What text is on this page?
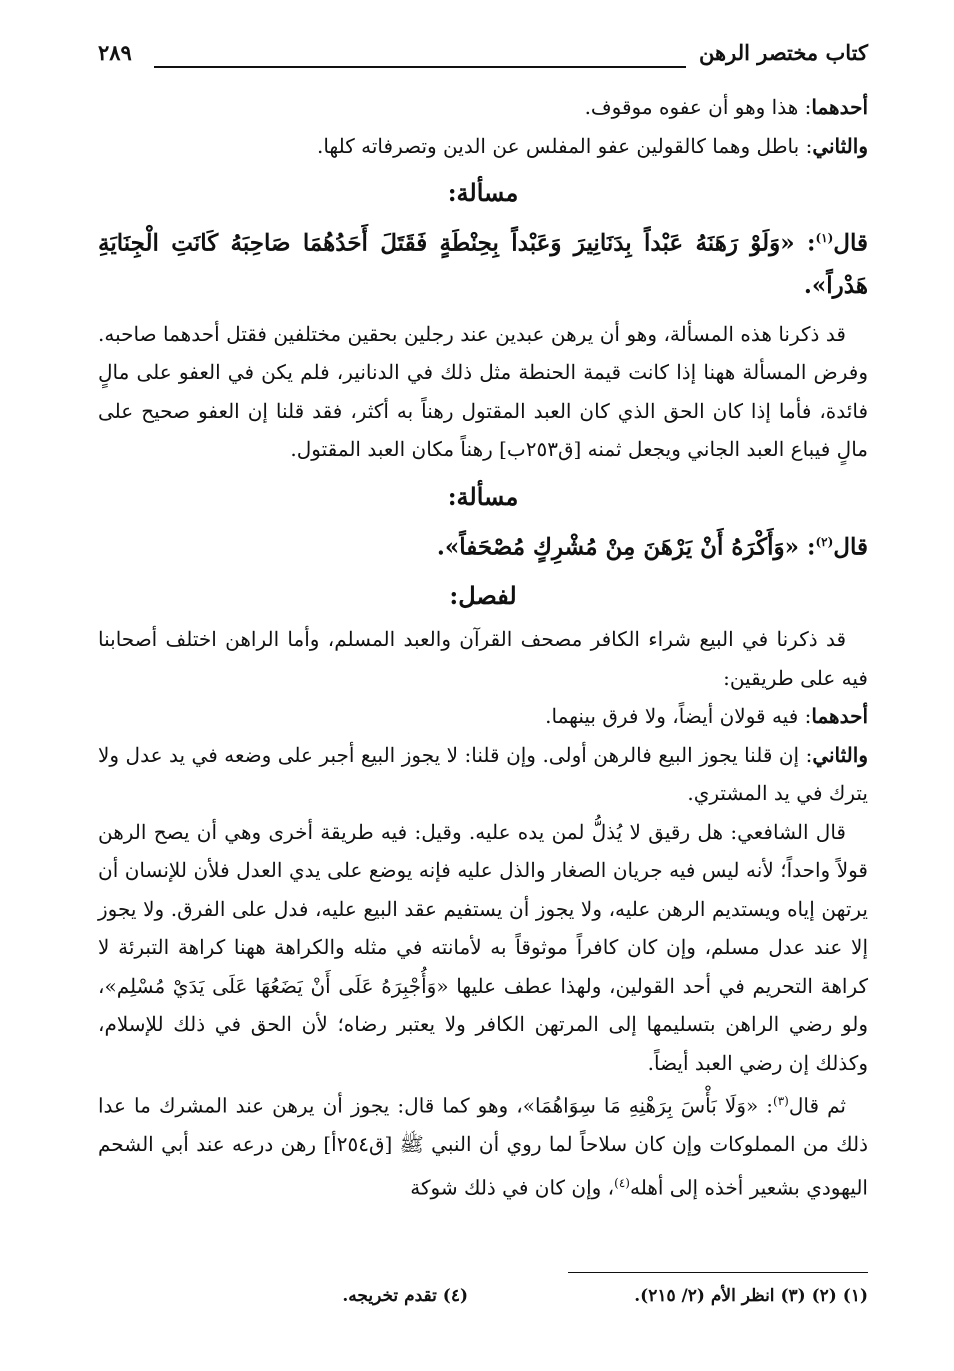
كتاب مختصر الرهن
٢٨٩

أحدهما: هذا وهو أن عفوه موقوف.

والثاني: باطل وهما كالقولين عفو المفلس عن الدين وتصرفاته كلها.

مسألة:

قال$^{(١)}$: «وَلَوْ رَهَنَهُ عَبْداً بِدَنَانِيرَ وَعَبْداً بِحِنْطَةٍ فَقَتَلَ أَحَدُهُمَا صَاحِبَهُ كَانَتِ الْجِنَايَةِ هَدْراً».

قد ذكرنا هذه المسألة، وهو أن يرهن عبدين عند رجلين بحقين مختلفين فقتل أحدهما صاحبه. وفرض المسألة ههنا إذا كانت قيمة الحنطة مثل ذلك في الدنانير، فلم يكن في العفو على مالٍ فائدة، فأما إذا كان الحق الذي كان العبد المقتول رهناً به أكثر، فقد قلنا إن العفو صحيح على مالٍ فيباع العبد الجاني ويجعل ثمنه [ق٢٥٣ب] رهناً مكان العبد المقتول.

مسألة:

قال$^{(٢)}$: «وَأَكْرَهُ أَنْ يَرْهَنَ مِنْ مُشْرِكٍ مُصْحَفاً».

لفصل:

قد ذكرنا في البيع شراء الكافر مصحف القرآن والعبد المسلم، وأما الراهن اختلف أصحابنا فيه على طريقين:

أحدهما: فيه قولان أيضاً، ولا فرق بينهما.

والثاني: إن قلنا يجوز البيع فالرهن أولى. وإن قلنا: لا يجوز البيع أجبر على وضعه في يد عدل ولا يترك في يد المشتري.

قال الشافعي: هل رقيق لا يُذلُّ لمن يده عليه. وقيل: فيه طريقة أخرى وهي أن يصح الرهن قولاً واحداً؛ لأنه ليس فيه جريان الصغار والذل عليه فإنه يوضع على يدي العدل فلأن للإنسان أن يرتهن إياه ويستديم الرهن عليه، ولا يجوز أن يستفيم عقد البيع عليه، فدل على الفرق. ولا يجوز إلا عند عدل مسلم، وإن كان كافراً موثوقاً به لأمانته في مثله والكراهة ههنا كراهة التبرئة لا كراهة التحريم في أحد القولين، ولهذا عطف عليها «وَأُجْبِرَهُ عَلَى أَنْ يَضَعُهَا عَلَى يَدَيْ مُسْلِم»، ولو رضي الراهن بتسليمها إلى المرتهن الكافر ولا يعتبر رضاه؛ لأن الحق في ذلك للإسلام، وكذلك إن رضي العبد أيضاً.

ثم قال$^{(٣)}$: «وَلَا بَأْسَ بِرَهْنِهِ مَا سِوَاهُمَا»، وهو كما قال: يجوز أن يرهن عند المشرك ما عدا ذلك من المملوكات وإن كان سلاحاً لما روي أن النبي ﷺ [ق٢٥٤أ] رهن درعه عند أبي الشحم اليهودي بشعير أخذه إلى أهله$^{(٤)}$، وإن كان في ذلك شوكة

(١) (٢) (٣) انظر الأم (٢/ ٢١٥).
(٤) تقدم تخريجه.
